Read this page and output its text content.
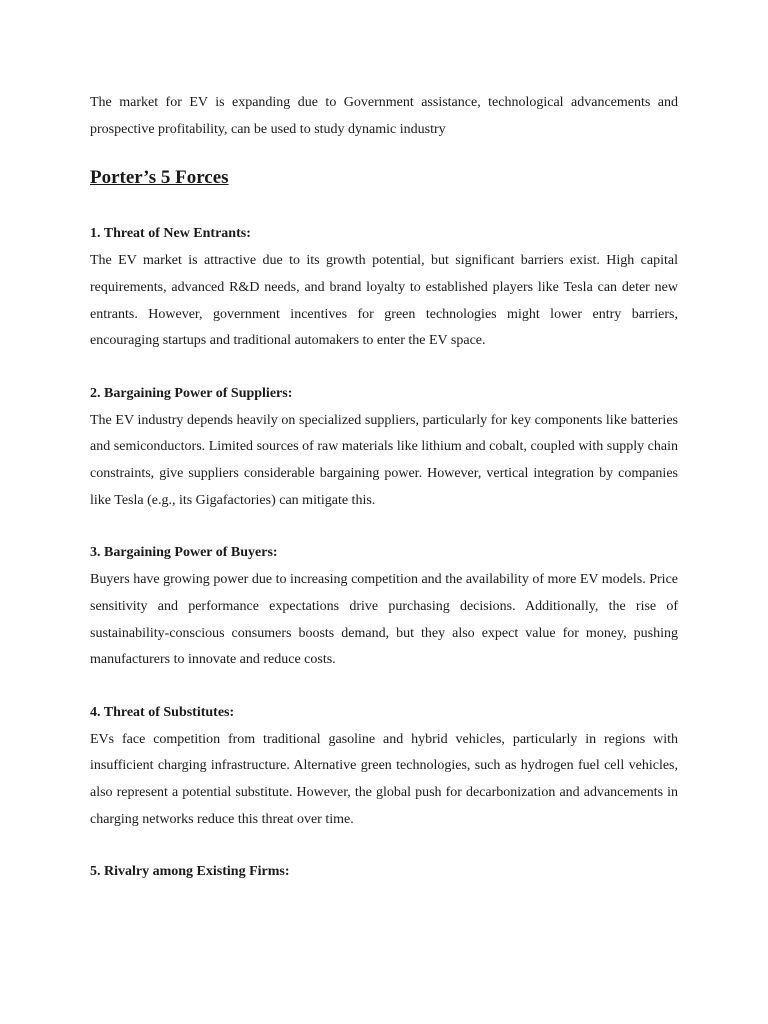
The market for EV is expanding due to Government assistance, technological advancements and prospective profitability, can be used to study dynamic industry

Porter’s 5 Forces
1. Threat of New Entrants:

The EV market is attractive due to its growth potential, but significant barriers exist. High capital requirements, advanced R&D needs, and brand loyalty to established players like Tesla can deter new entrants. However, government incentives for green technologies might lower entry barriers, encouraging startups and traditional automakers to enter the EV space.

2. Bargaining Power of Suppliers:

The EV industry depends heavily on specialized suppliers, particularly for key components like batteries and semiconductors. Limited sources of raw materials like lithium and cobalt, coupled with supply chain constraints, give suppliers considerable bargaining power. However, vertical integration by companies like Tesla (e.g., its Gigafactories) can mitigate this.

3. Bargaining Power of Buyers:

Buyers have growing power due to increasing competition and the availability of more EV models. Price sensitivity and performance expectations drive purchasing decisions. Additionally, the rise of sustainability-conscious consumers boosts demand, but they also expect value for money, pushing manufacturers to innovate and reduce costs.

4. Threat of Substitutes:

EVs face competition from traditional gasoline and hybrid vehicles, particularly in regions with insufficient charging infrastructure. Alternative green technologies, such as hydrogen fuel cell vehicles, also represent a potential substitute. However, the global push for decarbonization and advancements in charging networks reduce this threat over time.

5. Rivalry among Existing Firms:
